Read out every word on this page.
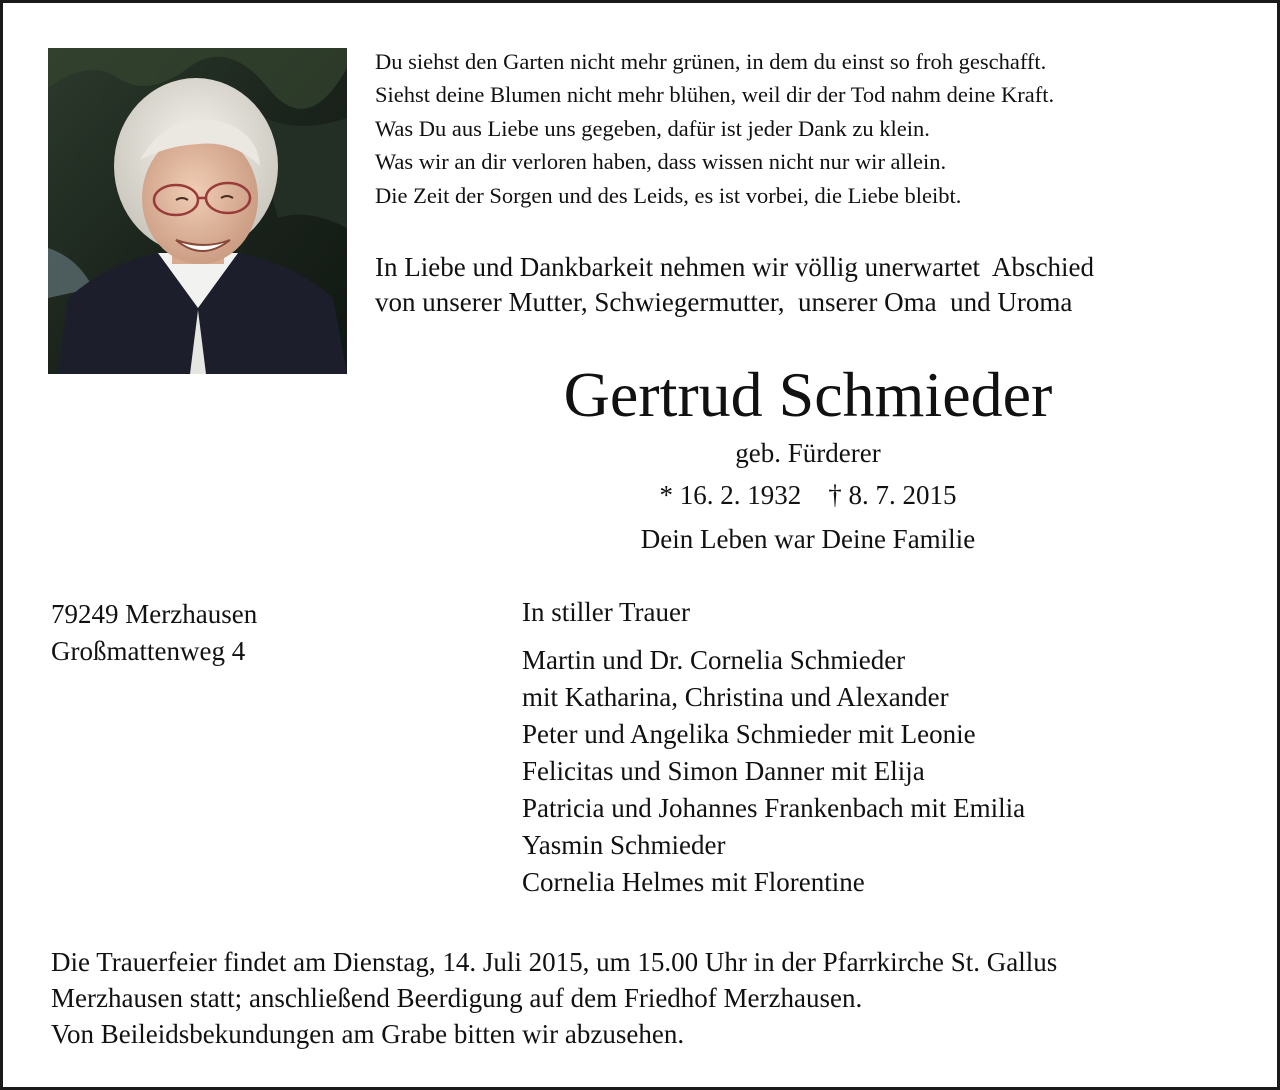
Du siehst den Garten nicht mehr grünen, in dem du einst so froh geschafft.
Siehst deine Blumen nicht mehr blühen, weil dir der Tod nahm deine Kraft.
Was Du aus Liebe uns gegeben, dafür ist jeder Dank zu klein.
Was wir an dir verloren haben, dass wissen nicht nur wir allein.
Die Zeit der Sorgen und des Leids, es ist vorbei, die Liebe bleibt.
In Liebe und Dankbarkeit nehmen wir völlig unerwartet  Abschied
von unserer Mutter, Schwiegermutter,  unserer Oma  und Uroma
Gertrud Schmieder
geb. Fürderer
* 16. 2. 1932    † 8. 7. 2015
Dein Leben war Deine Familie
79249 Merzhausen
Großmattenweg 4
In stiller Trauer
Martin und Dr. Cornelia Schmieder
mit Katharina, Christina und Alexander
Peter und Angelika Schmieder mit Leonie
Felicitas und Simon Danner mit Elija
Patricia und Johannes Frankenbach mit Emilia
Yasmin Schmieder
Cornelia Helmes mit Florentine
Die Trauerfeier findet am Dienstag, 14. Juli 2015, um 15.00 Uhr in der Pfarrkirche St. Gallus
Merzhausen statt; anschließend Beerdigung auf dem Friedhof Merzhausen.
Von Beileidsbekundungen am Grabe bitten wir abzusehen.
